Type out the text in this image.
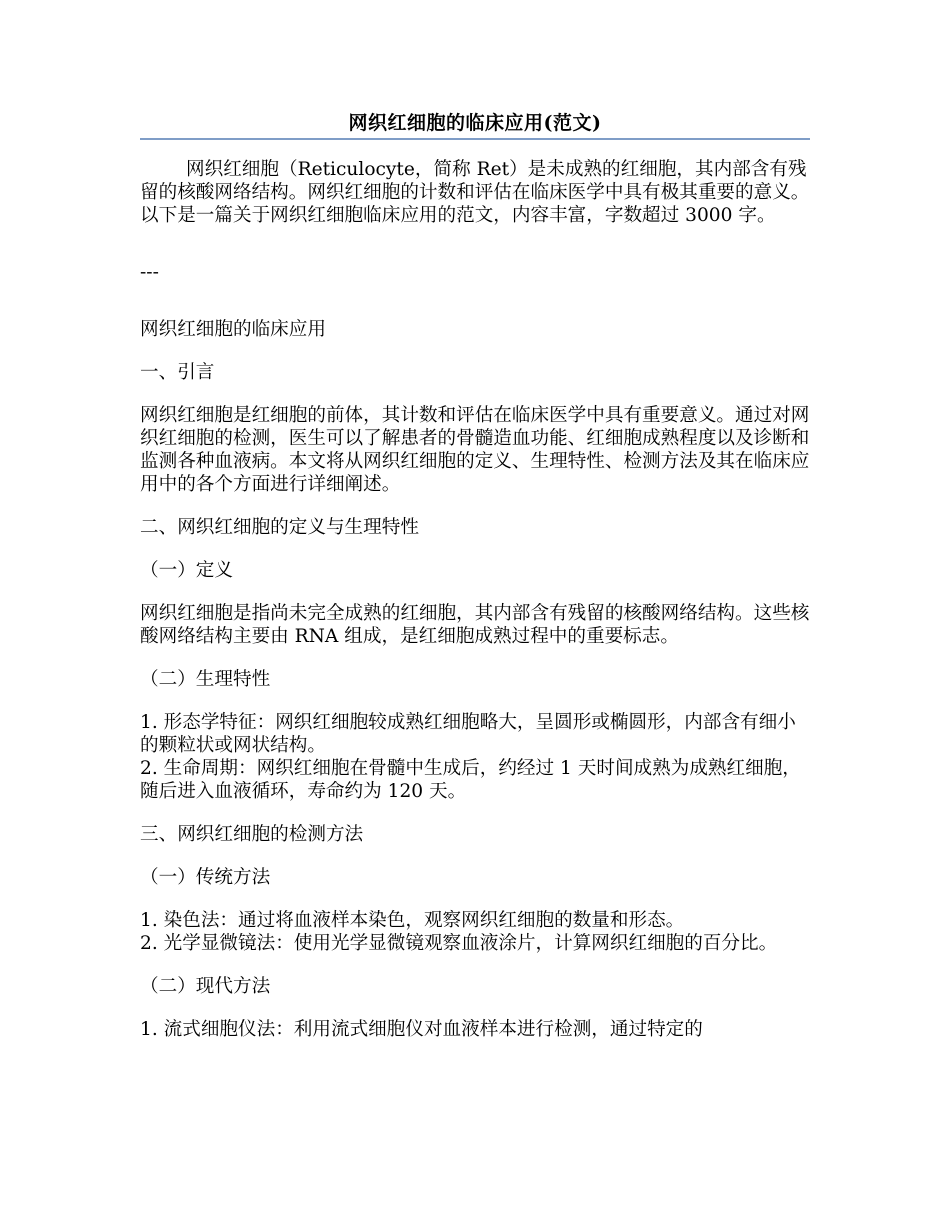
网织红细胞的临床应用(范文)

网织红细胞（Reticulocyte，简称 Ret）是未成熟的红细胞，其内部含有残留的核酸网络结构。网织红细胞的计数和评估在临床医学中具有极其重要的意义。以下是一篇关于网织红细胞临床应用的范文，内容丰富，字数超过 3000 字。

---

网织红细胞的临床应用

一、引言

网织红细胞是红细胞的前体，其计数和评估在临床医学中具有重要意义。通过对网织红细胞的检测，医生可以了解患者的骨髓造血功能、红细胞成熟程度以及诊断和监测各种血液病。本文将从网织红细胞的定义、生理特性、检测方法及其在临床应用中的各个方面进行详细阐述。

二、网织红细胞的定义与生理特性

（一）定义

网织红细胞是指尚未完全成熟的红细胞，其内部含有残留的核酸网络结构。这些核酸网络结构主要由 RNA 组成，是红细胞成熟过程中的重要标志。

（二）生理特性

1. 形态学特征：网织红细胞较成熟红细胞略大，呈圆形或椭圆形，内部含有细小的颗粒状或网状结构。

2. 生命周期：网织红细胞在骨髓中生成后，约经过 1 天时间成熟为成熟红细胞，随后进入血液循环，寿命约为 120 天。

三、网织红细胞的检测方法

（一）传统方法

1. 染色法：通过将血液样本染色，观察网织红细胞的数量和形态。

2. 光学显微镜法：使用光学显微镜观察血液涂片，计算网织红细胞的百分比。

（二）现代方法

1. 流式细胞仪法：利用流式细胞仪对血液样本进行检测，通过特定的
